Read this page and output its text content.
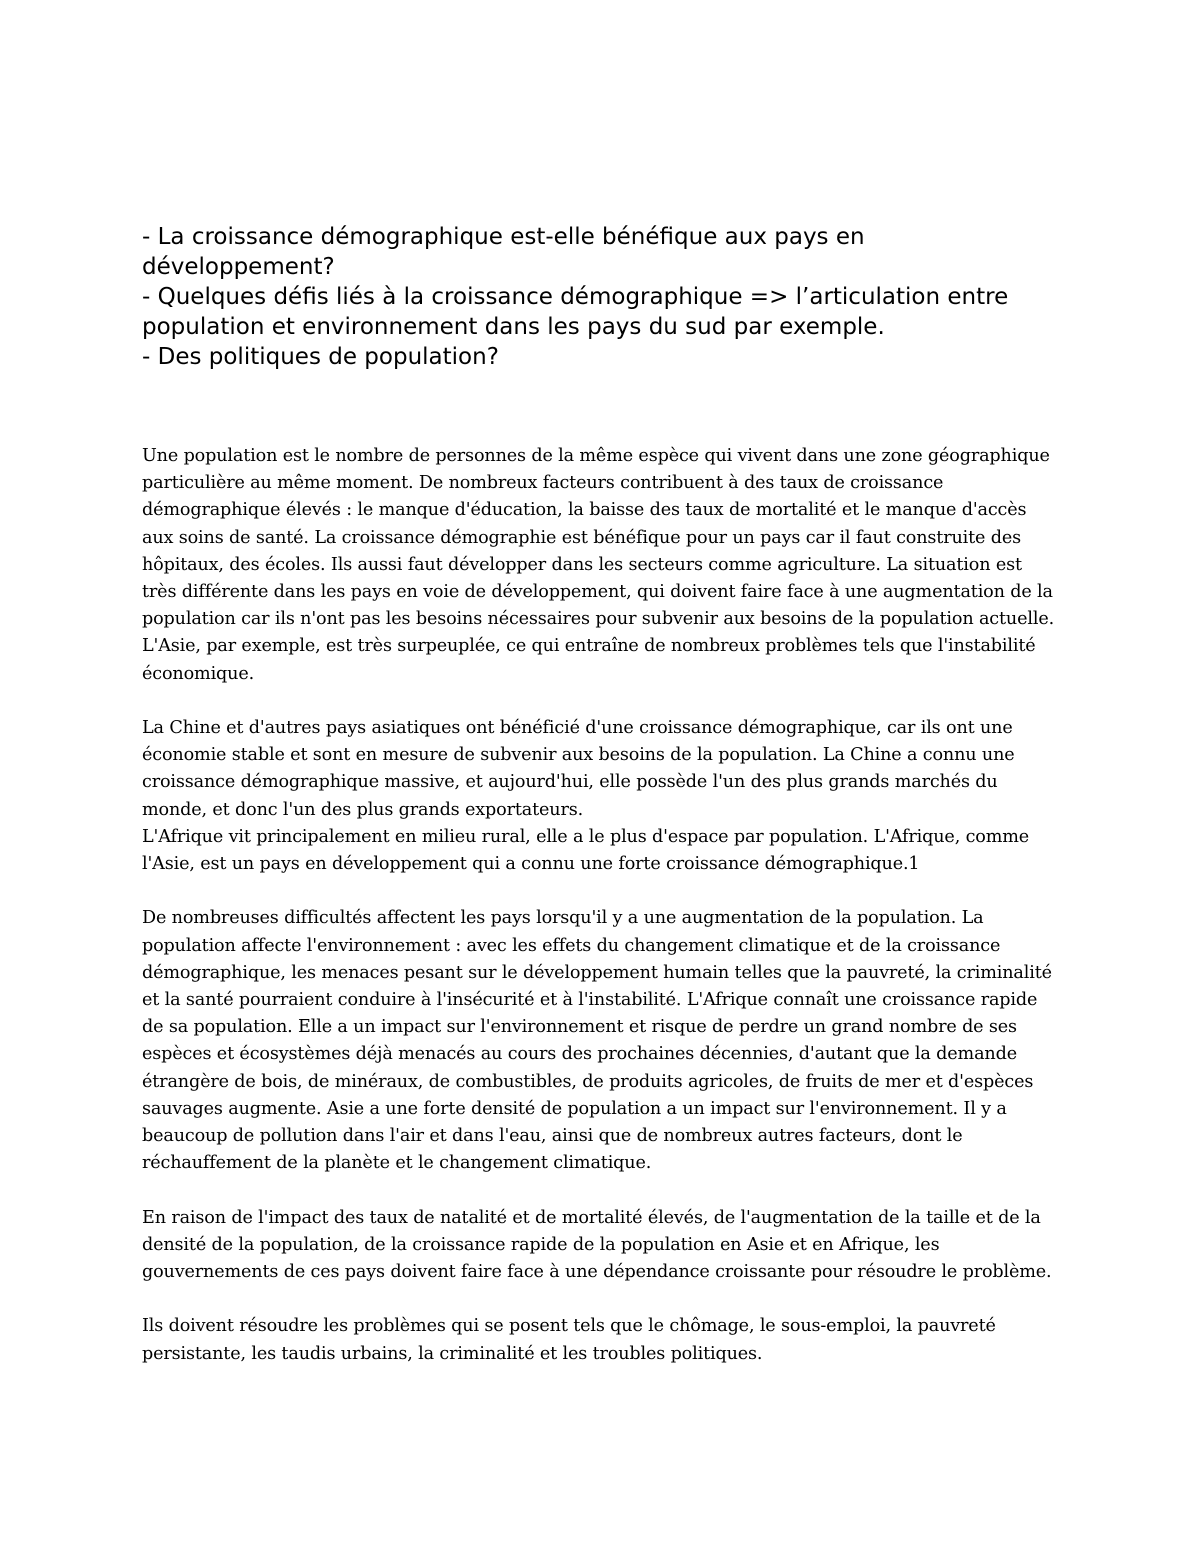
- La croissance démographique est-elle bénéfique aux pays en développement?
- Quelques défis liés à la croissance démographique => l’articulation entre population et environnement dans les pays du sud par exemple.
- Des politiques de population?

Une population est le nombre de personnes de la même espèce qui vivent dans une zone géographique particulière au même moment. De nombreux facteurs contribuent à des taux de croissance démographique élevés : le manque d'éducation, la baisse des taux de mortalité et le manque d'accès aux soins de santé. La croissance démographie est bénéfique pour un pays car il faut construite des hôpitaux, des écoles. Ils aussi faut développer dans les secteurs comme agriculture. La situation est très différente dans les pays en voie de développement, qui doivent faire face à une augmentation de la population car ils n'ont pas les besoins nécessaires pour subvenir aux besoins de la population actuelle. L'Asie, par exemple, est très surpeuplée, ce qui entraîne de nombreux problèmes tels que l'instabilité économique.

La Chine et d'autres pays asiatiques ont bénéficié d'une croissance démographique, car ils ont une économie stable et sont en mesure de subvenir aux besoins de la population. La Chine a connu une croissance démographique massive, et aujourd'hui, elle possède l'un des plus grands marchés du monde, et donc l'un des plus grands exportateurs.

L'Afrique vit principalement en milieu rural, elle a le plus d'espace par population. L'Afrique, comme l'Asie, est un pays en développement qui a connu une forte croissance démographique.1

De nombreuses difficultés affectent les pays lorsqu'il y a une augmentation de la population. La population affecte l'environnement : avec les effets du changement climatique et de la croissance démographique, les menaces pesant sur le développement humain telles que la pauvreté, la criminalité et la santé pourraient conduire à l'insécurité et à l'instabilité. L'Afrique connaît une croissance rapide de sa population. Elle a un impact sur l'environnement et risque de perdre un grand nombre de ses espèces et écosystèmes déjà menacés au cours des prochaines décennies, d'autant que la demande étrangère de bois, de minéraux, de combustibles, de produits agricoles, de fruits de mer et d'espèces sauvages augmente. Asie a une forte densité de population a un impact sur l'environnement. Il y a beaucoup de pollution dans l'air et dans l'eau, ainsi que de nombreux autres facteurs, dont le réchauffement de la planète et le changement climatique.

En raison de l'impact des taux de natalité et de mortalité élevés, de l'augmentation de la taille et de la densité de la population, de la croissance rapide de la population en Asie et en Afrique, les gouvernements de ces pays doivent faire face à une dépendance croissante pour résoudre le problème.

Ils doivent résoudre les problèmes qui se posent tels que le chômage, le sous-emploi, la pauvreté persistante, les taudis urbains, la criminalité et les troubles politiques.
